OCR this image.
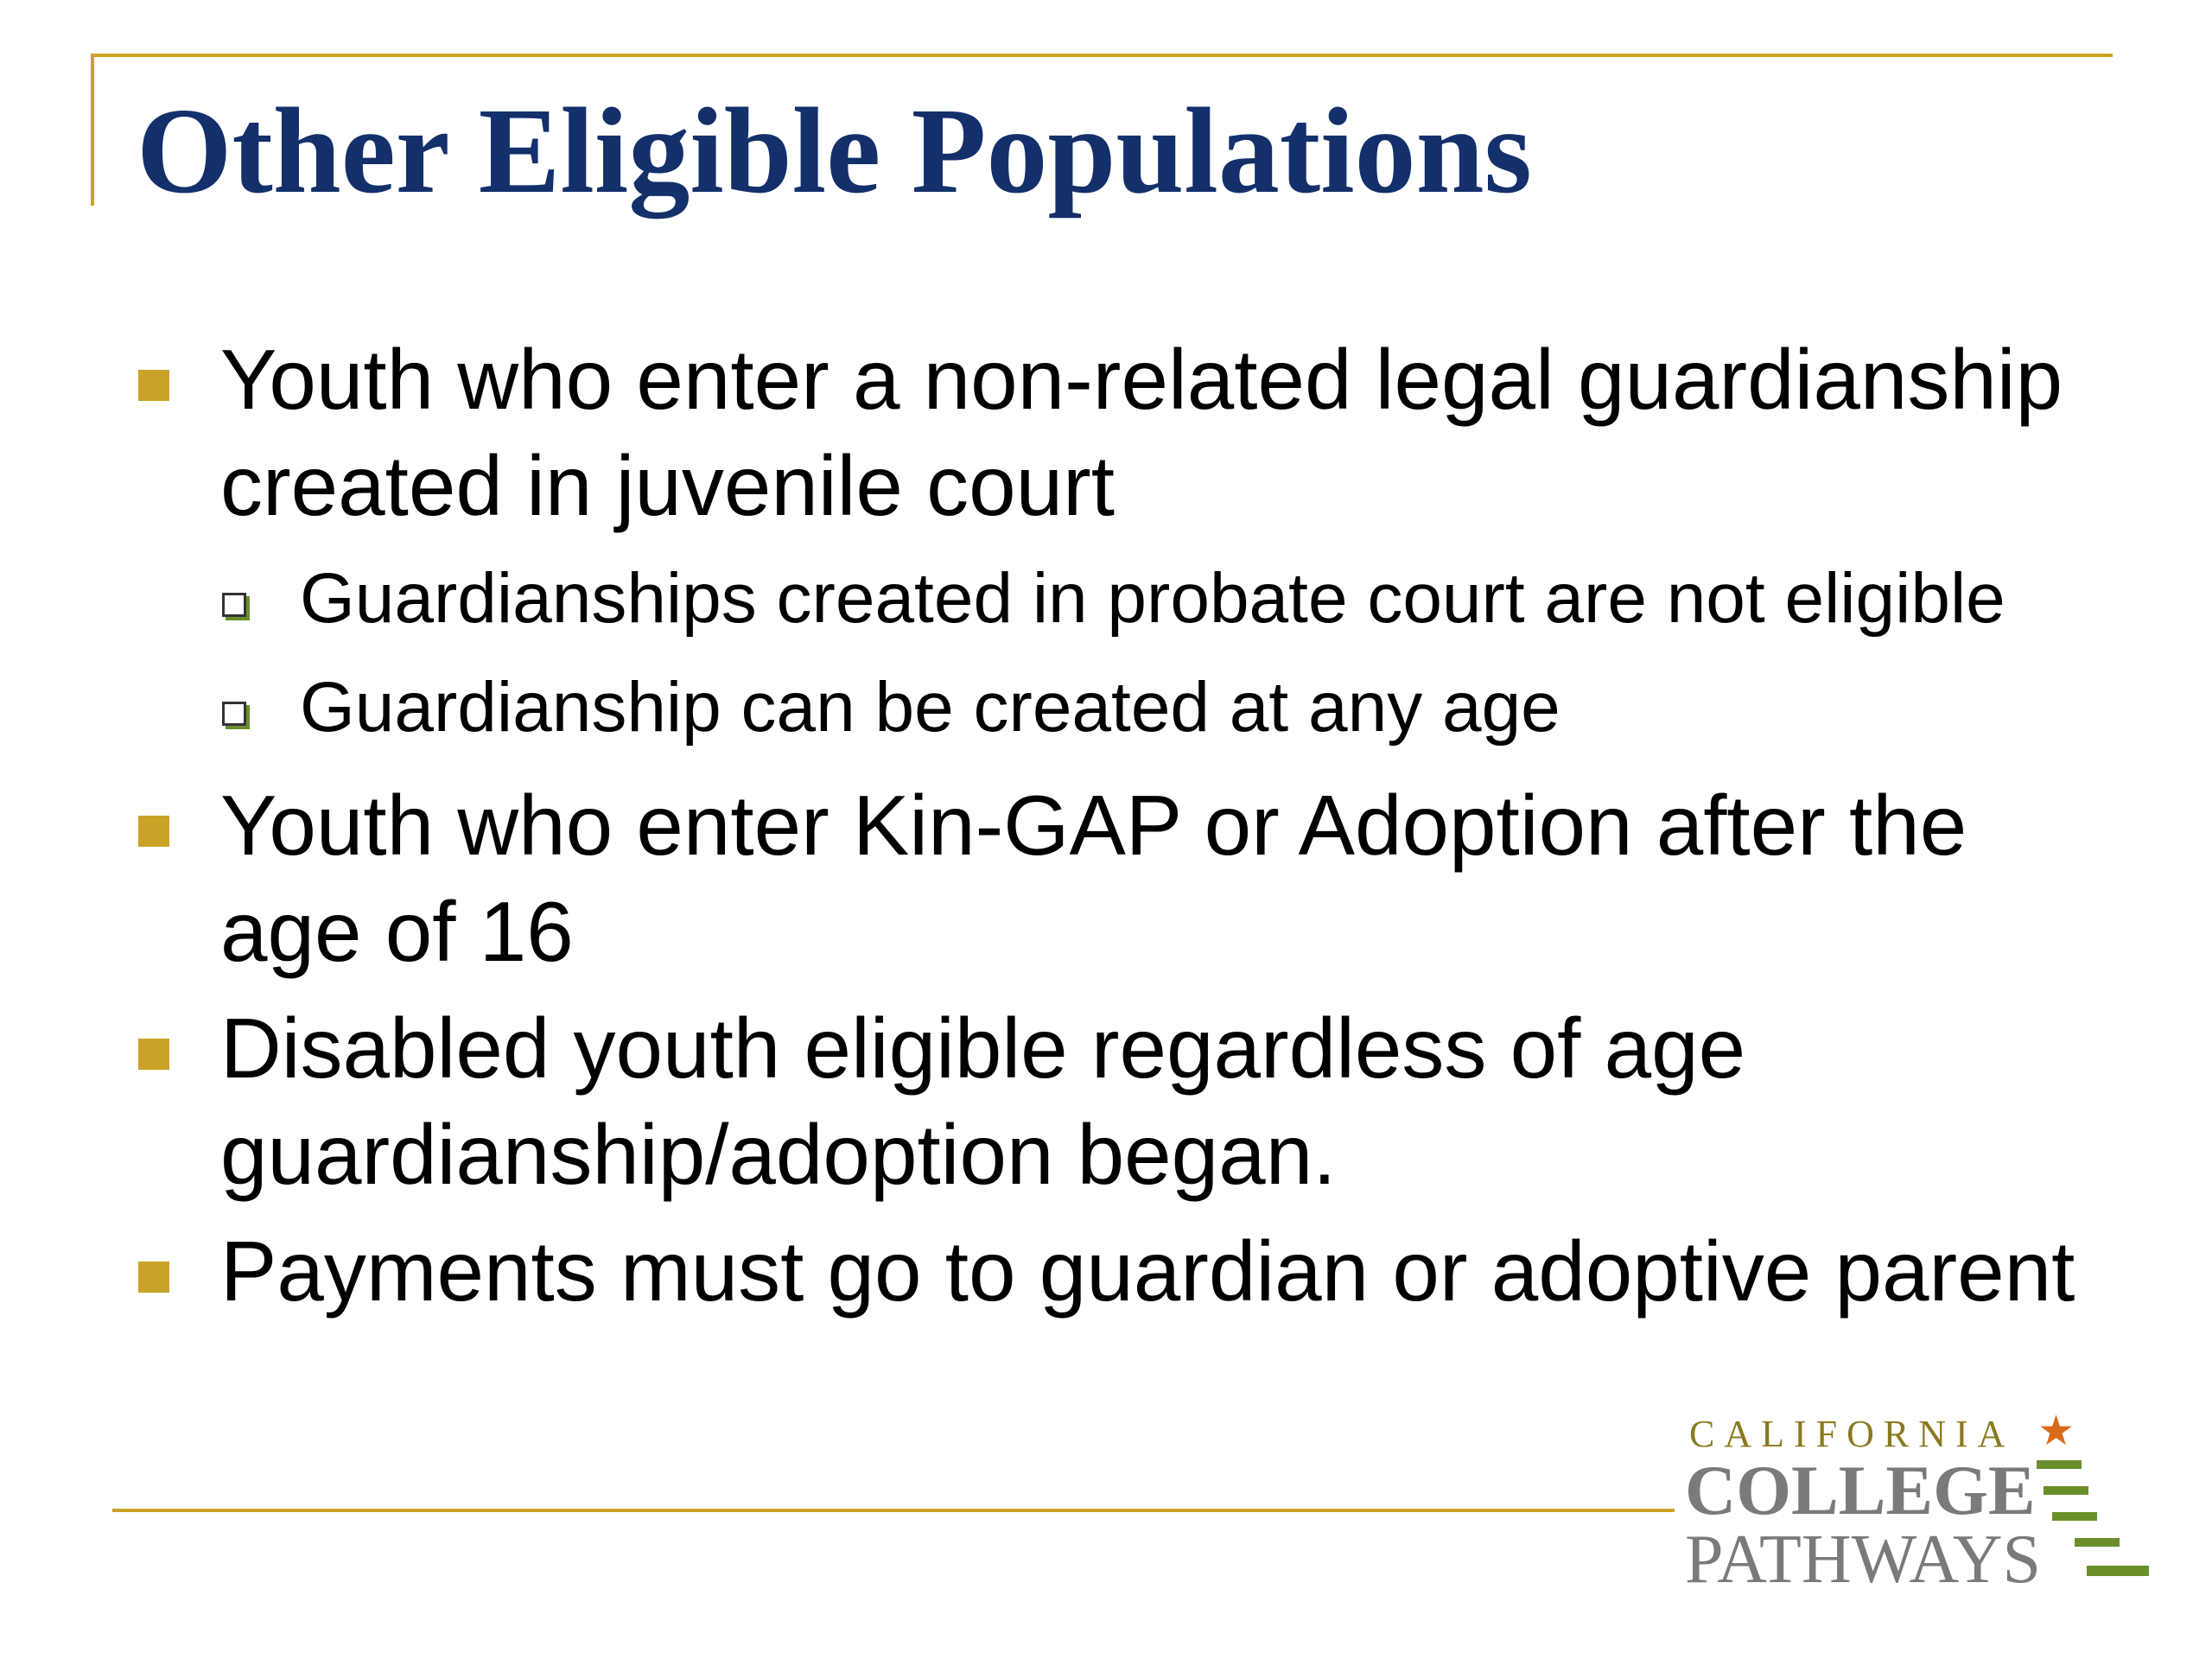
Other Eligible Populations
Youth who enter a non-related legal guardianship created in juvenile court
Guardianships created in probate court are not eligible
Guardianship can be created at any age
Youth who enter Kin-GAP or Adoption after the age of 16
Disabled youth eligible regardless of age guardianship/adoption began.
Payments must go to guardian or adoptive parent
CALIFORNIA ★
COLLEGE
PATHWAYS
